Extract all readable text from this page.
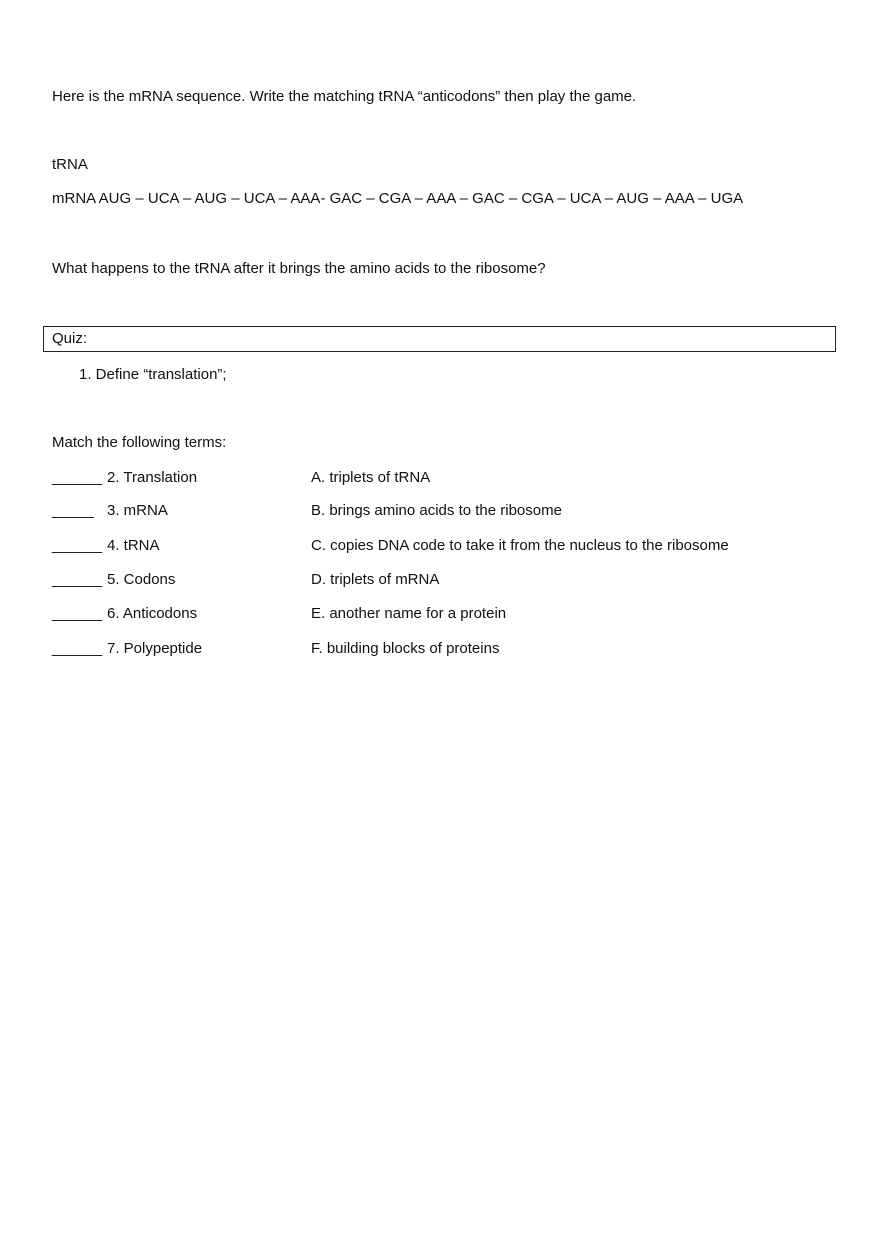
Here is the mRNA sequence. Write the matching tRNA “anticodons” then play the game.
tRNA
mRNA AUG – UCA – AUG – UCA – AAA- GAC – CGA – AAA – GAC – CGA – UCA – AUG – AAA – UGA
What happens to the tRNA after it brings the amino acids to the ribosome?
Quiz:
1. Define “translation”;
Match the following terms:
______ 2. Translation	A. triplets of tRNA
_____ 3. mRNA	B. brings amino acids to the ribosome
______ 4. tRNA	C. copies DNA code to take it from the nucleus to the ribosome
______ 5. Codons	D. triplets of mRNA
______ 6. Anticodons	E. another name for a protein
______ 7. Polypeptide	F. building blocks of proteins
